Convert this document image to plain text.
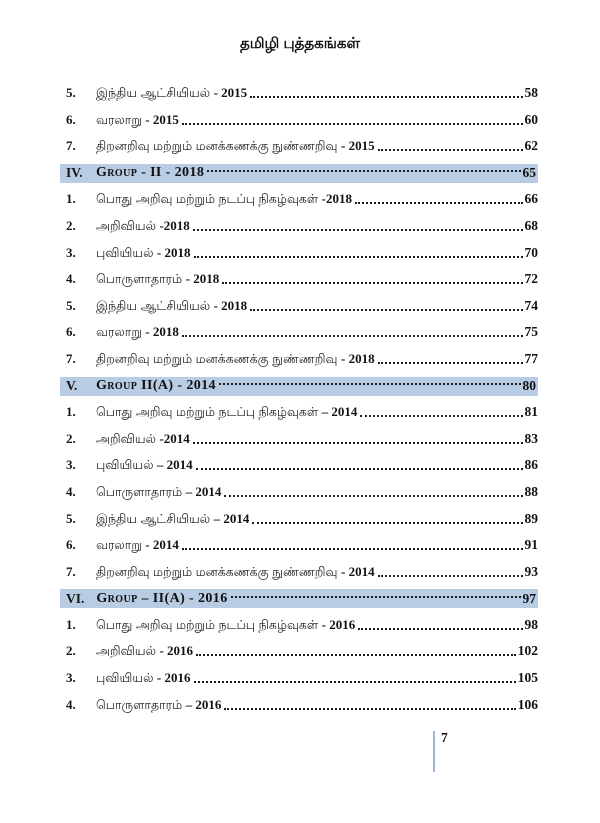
தமிழி புத்தகங்கள்
5.	இந்திய ஆட்சியியல் - 2015	58
6.	வரலாறு - 2015	60
7.	திறனறிவு மற்றும் மனக்கணக்கு நுண்ணறிவு - 2015	62
IV. Group - II - 2018	65
1.	பொது அறிவு மற்றும் நடப்பு நிகழ்வுகள் -2018	66
2.	அறிவியல் -2018	68
3.	புவியியல் - 2018	70
4.	பொருளாதாரம் - 2018	72
5.	இந்திய ஆட்சியியல் - 2018	74
6.	வரலாறு - 2018	75
7.	திறனறிவு மற்றும் மனக்கணக்கு நுண்ணறிவு - 2018	77
V.	Group II(A) - 2014	80
1.	பொது அறிவு மற்றும் நடப்பு நிகழ்வுகள் – 2014	81
2.	அறிவியல் -2014	83
3.	புவியியல் – 2014	86
4.	பொருளாதாரம் – 2014	88
5.	இந்திய ஆட்சியியல் – 2014	89
6.	வரலாறு - 2014	91
7.	திறனறிவு மற்றும் மனக்கணக்கு நுண்ணறிவு - 2014	93
VI. Group – II(A) - 2016	97
1.	பொது அறிவு மற்றும் நடப்பு நிகழ்வுகள் - 2016	98
2.	அறிவியல் - 2016	102
3.	புவியியல் - 2016	105
4.	பொருளாதாரம் – 2016	106
7
